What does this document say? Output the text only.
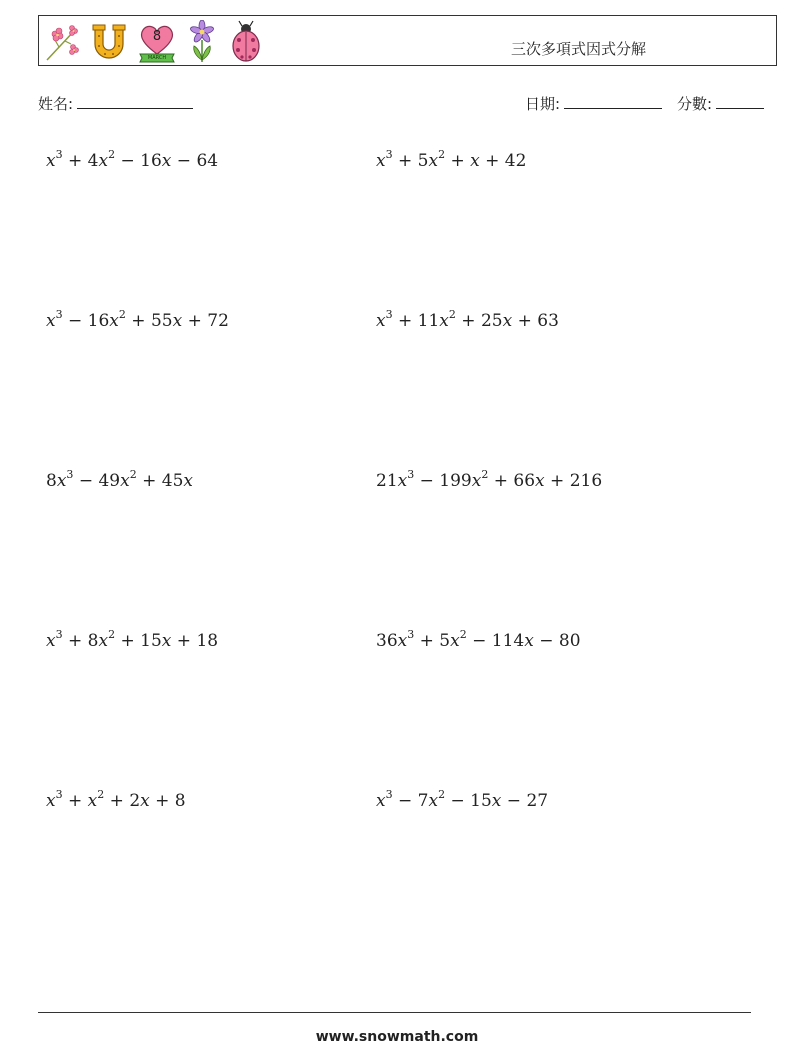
8
MARCH	三次多項式因式分解
姓名:	日期:	分數:
$x^3 + 4x^2 - 16x - 64$	$x^3 + 5x^2 + x + 42$
$x^3 - 16x^2 + 55x + 72$	$x^3 + 11x^2 + 25x + 63$
$8x^3 - 49x^2 + 45x$	$21x^3 - 199x^2 + 66x + 216$
$x^3 + 8x^2 + 15x + 18$	$36x^3 + 5x^2 - 114x - 80$
$x^3 + x^2 + 2x + 8$	$x^3 - 7x^2 - 15x - 27$
www.snowmath.com
